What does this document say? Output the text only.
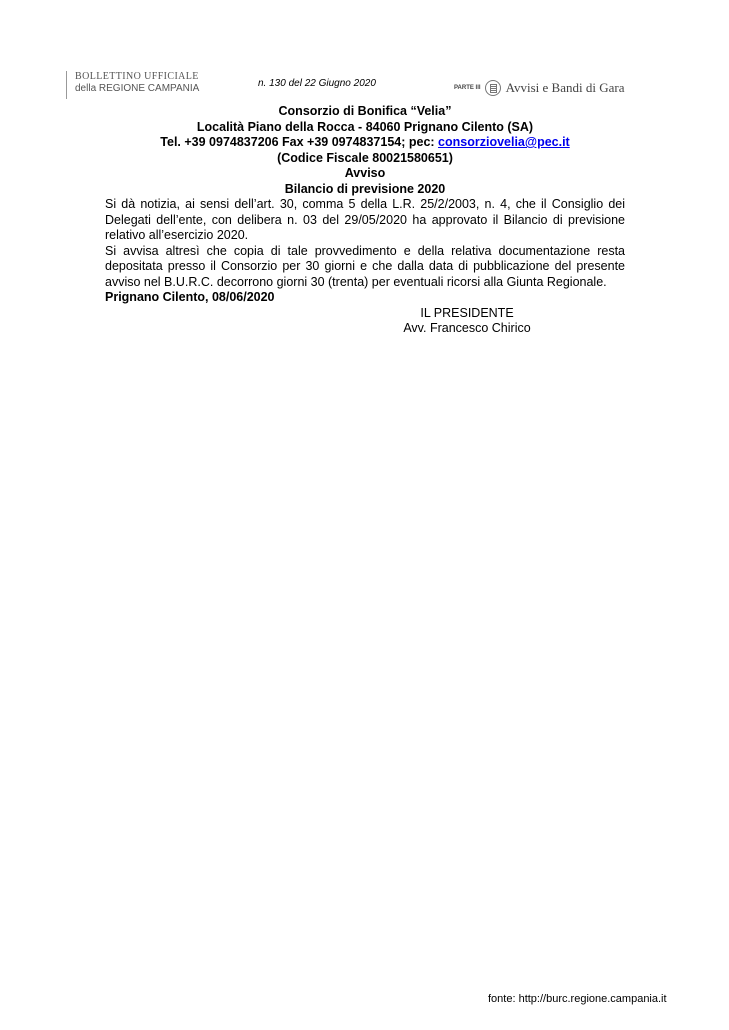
BOLLETTINO UFFICIALE
della REGIONE CAMPANIA	n. 130 del 22 Giugno 2020	PARTE III Avvisi e Bandi di Gara
Consorzio di Bonifica “Velia”
Località Piano della Rocca - 84060 Prignano Cilento (SA)
Tel. +39 0974837206 Fax +39 0974837154; pec: consorziovelia@pec.it
(Codice Fiscale 80021580651)
Avviso
Bilancio di previsione 2020
Si dà notizia, ai sensi dell’art. 30, comma 5 della L.R. 25/2/2003, n. 4, che il Consiglio dei Delegati dell’ente, con delibera n. 03 del 29/05/2020 ha approvato il Bilancio di previsione relativo all’esercizio 2020.
Si avvisa altresì che copia di tale provvedimento e della relativa documentazione resta depositata presso il Consorzio per 30 giorni e che dalla data di pubblicazione del presente avviso nel B.U.R.C. decorrono giorni 30 (trenta) per eventuali ricorsi alla Giunta Regionale.
Prignano Cilento, 08/06/2020
IL PRESIDENTE
Avv. Francesco Chirico
fonte: http://burc.regione.campania.it
